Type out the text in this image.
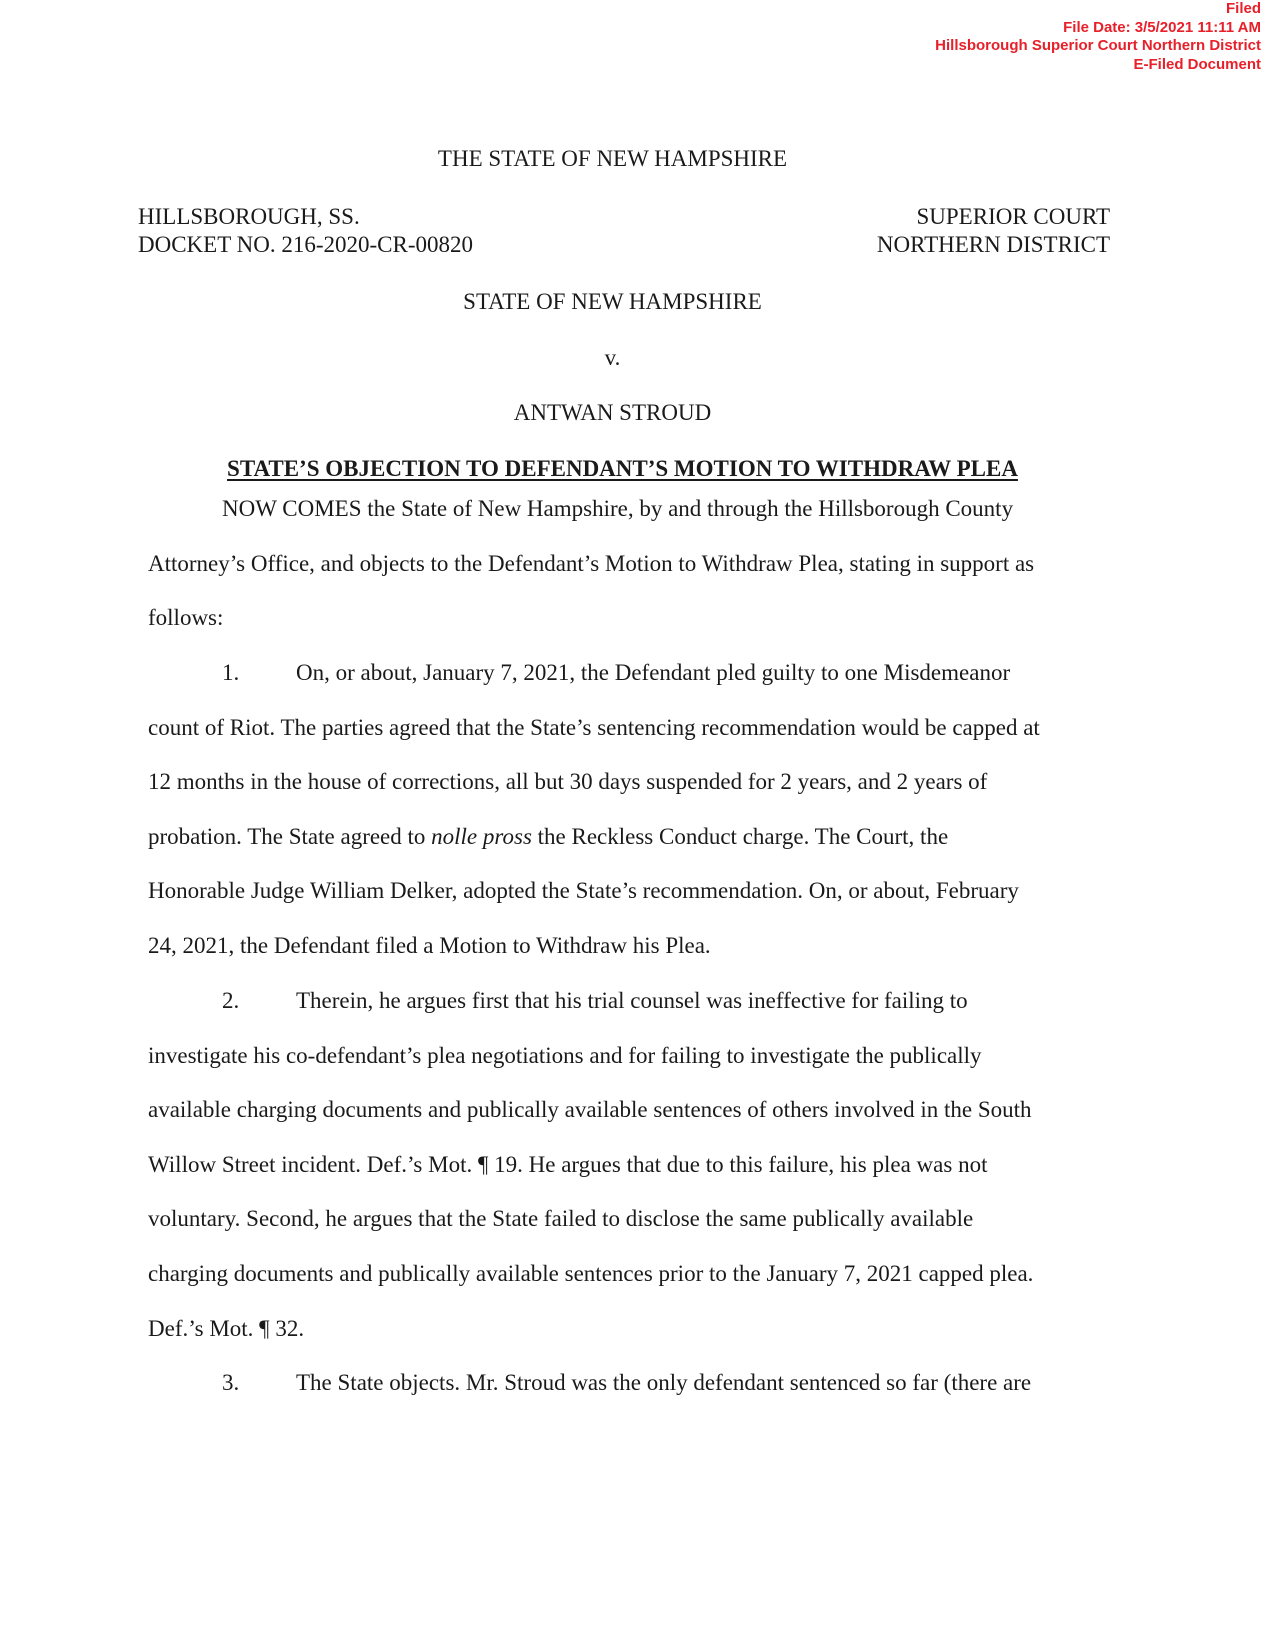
Filed
File Date: 3/5/2021 11:11 AM
Hillsborough Superior Court Northern District
E-Filed Document

THE STATE OF NEW HAMPSHIRE

HILLSBOROUGH, SS.
DOCKET NO. 216-2020-CR-00820
SUPERIOR COURT
NORTHERN DISTRICT

STATE OF NEW HAMPSHIRE

v.

ANTWAN STROUD

STATE’S OBJECTION TO DEFENDANT’S MOTION TO WITHDRAW PLEA

NOW COMES the State of New Hampshire, by and through the Hillsborough County

Attorney’s Office, and objects to the Defendant’s Motion to Withdraw Plea, stating in support as

follows:

1. On, or about, January 7, 2021, the Defendant pled guilty to one Misdemeanor

count of Riot. The parties agreed that the State’s sentencing recommendation would be capped at

12 months in the house of corrections, all but 30 days suspended for 2 years, and 2 years of

probation. The State agreed to nolle pross the Reckless Conduct charge. The Court, the

Honorable Judge William Delker, adopted the State’s recommendation. On, or about, February

24, 2021, the Defendant filed a Motion to Withdraw his Plea.

2. Therein, he argues first that his trial counsel was ineffective for failing to

investigate his co-defendant’s plea negotiations and for failing to investigate the publically

available charging documents and publically available sentences of others involved in the South

Willow Street incident. Def.’s Mot. ¶ 19. He argues that due to this failure, his plea was not

voluntary. Second, he argues that the State failed to disclose the same publically available

charging documents and publically available sentences prior to the January 7, 2021 capped plea.

Def.’s Mot. ¶ 32.

3. The State objects. Mr. Stroud was the only defendant sentenced so far (there are
